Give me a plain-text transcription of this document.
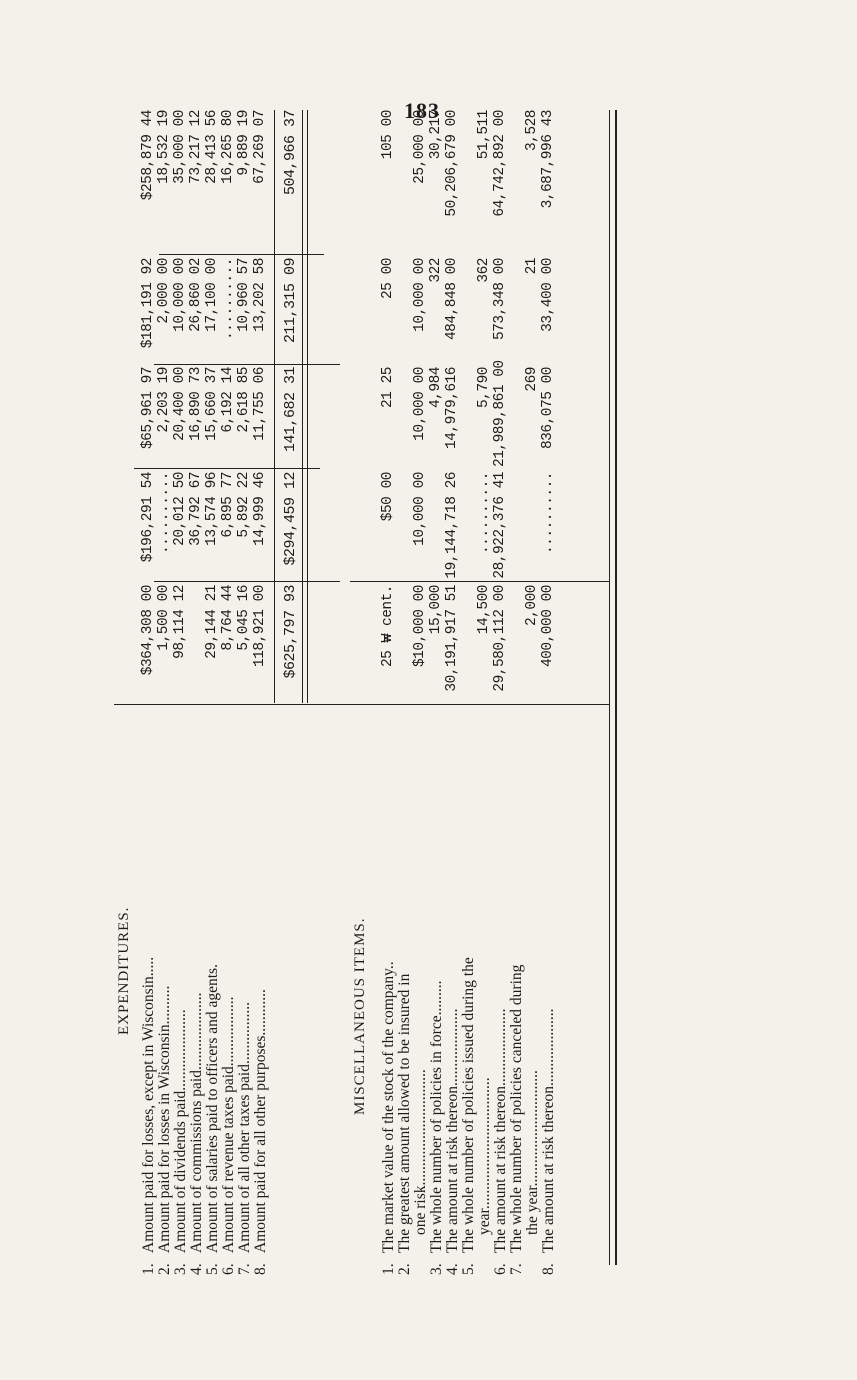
183
EXPENDITURES.
1.
Amount paid for losses, except in Wisconsin.....
$364,308 00
$196,291 54
$65,961 97
$181,191 92
$258,879 44
2.
Amount paid for losses in Wisconsin..........
1,500 00
..........
2,203 19
2,000 00
18,532 19
3.
Amount of dividends paid.....................
98,114 12
20,012 50
20,400 00
10,000 00
35,000 00
4.
Amount of commissions paid....................
36,792 67
16,890 73
26,860 02
73,217 12
5.
Amount of salaries paid to officers and agents.
29,144 21
13,574 96
15,660 37
17,100 00
28,413 56
6.
Amount of revenue taxes paid..................
8,764 44
6,895 77
6,192 14
..........
16,265 80
7.
Amount of all other taxes paid................
5,045 16
5,892 22
2,618 85
10,960 57
9,889 19
8.
Amount paid for all other purposes............
118,921 00
14,999 46
11,755 06
13,202 58
67,269 07
$625,797 93
$294,459 12
141,682 31
211,315 09
504,966 37
MISCELLANEOUS ITEMS.
1.
The market value of the stock of the company..
25 ₩ cent.
$50 00
21 25
25 00
105 00
2.
The greatest amount allowed to be insured in one risk..............................
$10,000 00
10,000 00
10,000 00
10,000 00
25,000 00
3.
The whole number of policies in force.........
15,000
4,984
322
30,217
4.
The amount at risk thereon....................
30,191,917 51
19,144,718 26
14,979,616
484,848 00
50,206,679 00
5.
The whole number of policies issued during the year..................................
14,500
..........
5,790
362
51,511
6.
The amount at risk thereon....................
29,580,112 00
28,922,376 41
21,989,861 00
573,348 00
64,742,892 00
7.
The whole number of policies canceled during the year..............................
2,000
269
21
3,528
8.
The amount at risk thereon....................
400,000 00
..........
836,075 00
33,400 00
3,687,996 43
